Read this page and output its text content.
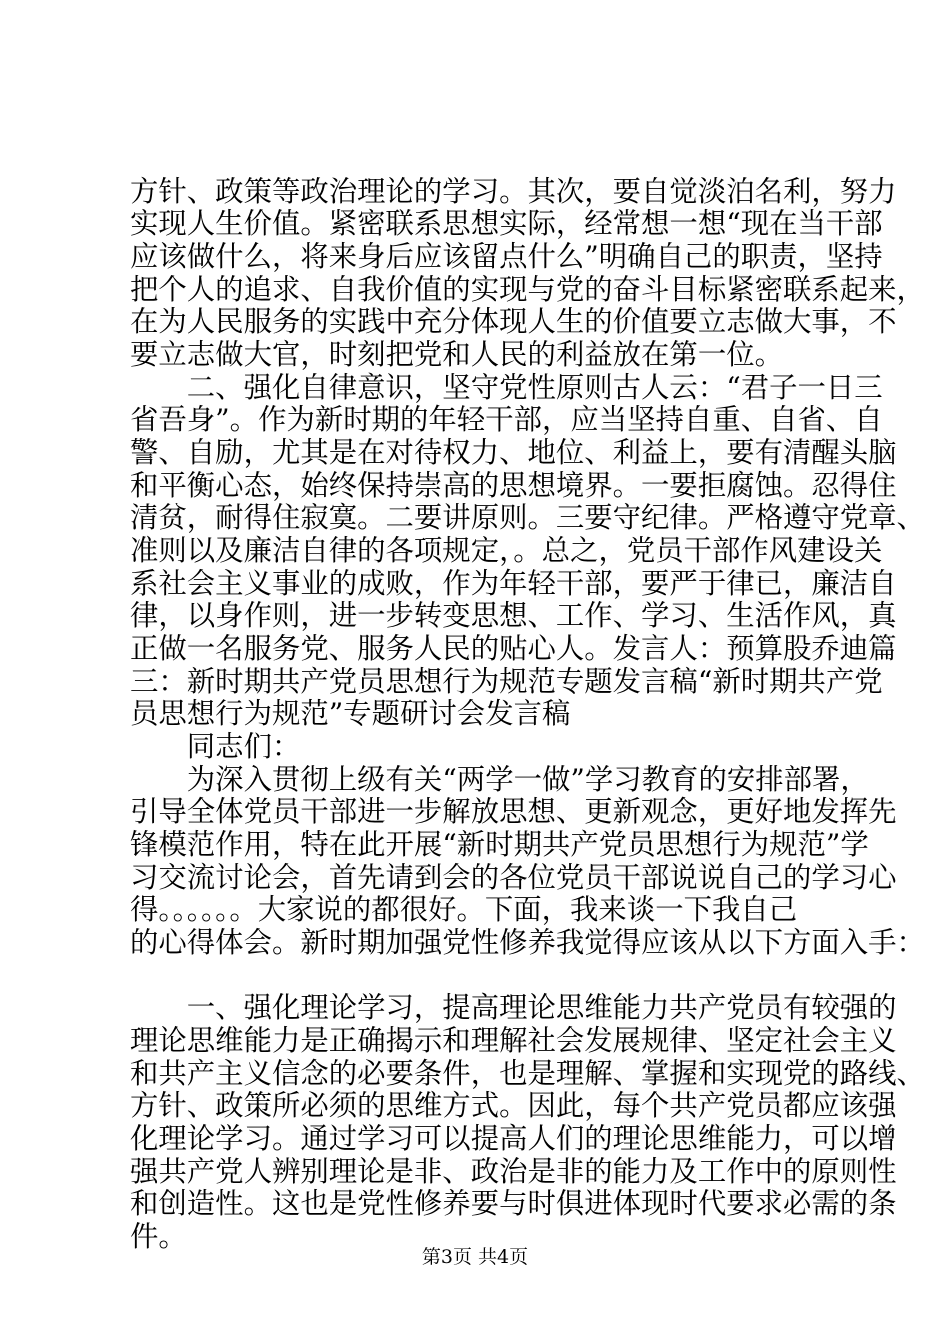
方针、政策等政治理论的学习。其次，要自觉淡泊名利，努力
实现人生价值。紧密联系思想实际，经常想一想“现在当干部
应该做什么，将来身后应该留点什么”明确自己的职责，坚持
把个人的追求、自我价值的实现与党的奋斗目标紧密联系起来，
在为人民服务的实践中充分体现人生的价值要立志做大事，不
要立志做大官，时刻把党和人民的利益放在第一位。
　　二、强化自律意识，坚守党性原则古人云：“君子一日三
省吾身”。作为新时期的年轻干部，应当坚持自重、自省、自
警、自励，尤其是在对待权力、地位、利益上，要有清醒头脑
和平衡心态，始终保持崇高的思想境界。一要拒腐蚀。忍得住
清贫，耐得住寂寞。二要讲原则。三要守纪律。严格遵守党章、
准则以及廉洁自律的各项规定，。总之，党员干部作风建设关
系社会主义事业的成败，作为年轻干部，要严于律已，廉洁自
律，以身作则，进一步转变思想、工作、学习、生活作风，真
正做一名服务党、服务人民的贴心人。发言人：预算股乔迪篇
三：新时期共产党员思想行为规范专题发言稿“新时期共产党
员思想行为规范”专题研讨会发言稿
　　同志们：
　　为深入贯彻上级有关“两学一做”学习教育的安排部署，
引导全体党员干部进一步解放思想、更新观念，更好地发挥先
锋模范作用，特在此开展“新时期共产党员思想行为规范”学
习交流讨论会，首先请到会的各位党员干部说说自己的学习心
得。。。。。。大家说的都很好。下面，我来谈一下我自己
的心得体会。新时期加强党性修养我觉得应该从以下方面入手：
　　一、强化理论学习，提高理论思维能力共产党员有较强的
理论思维能力是正确揭示和理解社会发展规律、坚定社会主义
和共产主义信念的必要条件，也是理解、掌握和实现党的路线、
方针、政策所必须的思维方式。因此，每个共产党员都应该强
化理论学习。通过学习可以提高人们的理论思维能力，可以增
强共产党人辨别理论是非、政治是非的能力及工作中的原则性
和创造性。这也是党性修养要与时俱进体现时代要求必需的条
件。
第3页 共4页
